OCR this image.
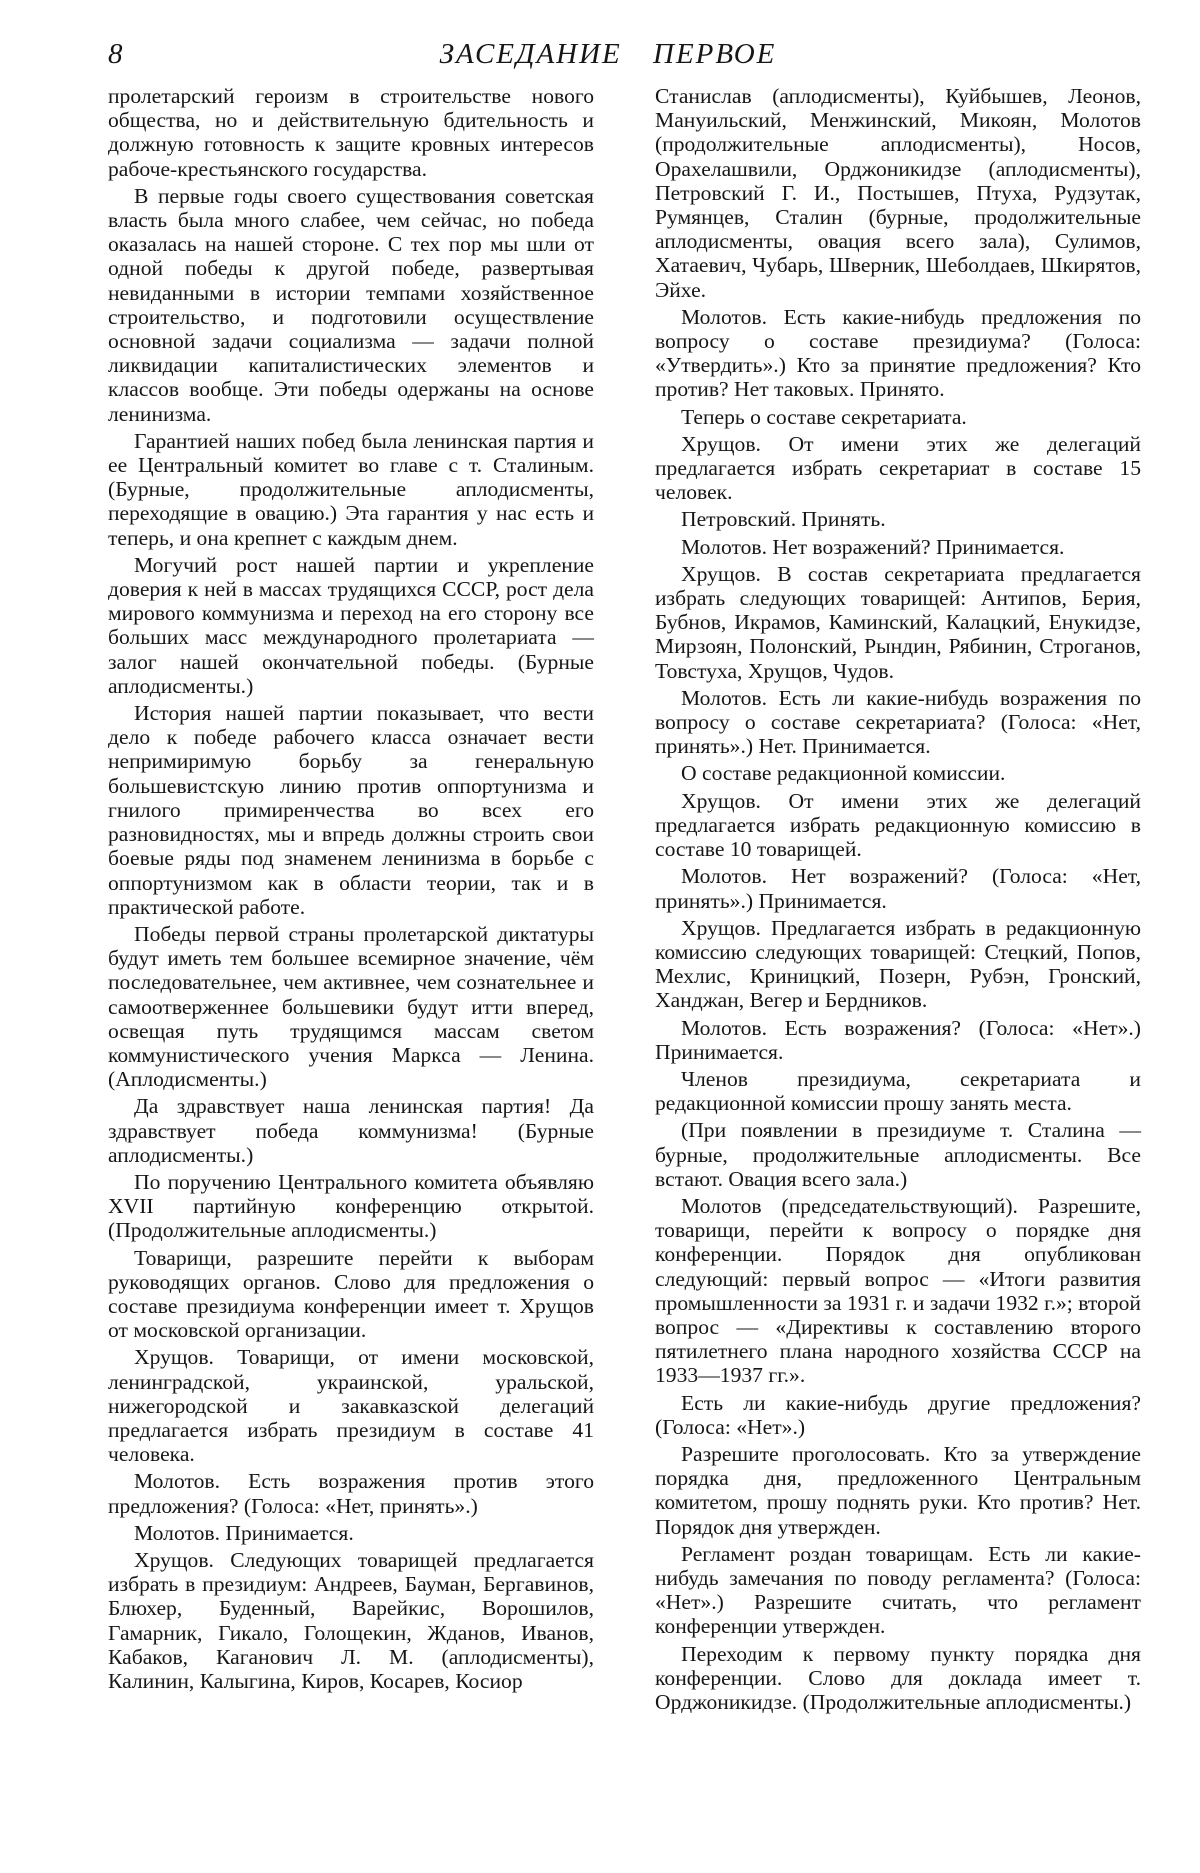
8	ЗАСЕДАНИЕ ПЕРВОЕ

пролетарский героизм в строительстве нового общества, но и действительную бдительность и должную готовность к защите кровных интересов рабоче-крестьянского государства.

В первые годы своего существования советская власть была много слабее, чем сейчас, но победа оказалась на нашей стороне. С тех пор мы шли от одной победы к другой победе, развертывая невиданными в истории темпами хозяйственное строительство, и подготовили осуществление основной задачи социализма — задачи полной ликвидации капиталистических элементов и классов вообще. Эти победы одержаны на основе ленинизма.

Гарантией наших побед была ленинская партия и ее Центральный комитет во главе с т. Сталиным. (Бурные, продолжительные аплодисменты, переходящие в овацию.) Эта гарантия у нас есть и теперь, и она крепнет с каждым днем.

Могучий рост нашей партии и укрепление доверия к ней в массах трудящихся СССР, рост дела мирового коммунизма и переход на его сторону все больших масс международного пролетариата — залог нашей окончательной победы. (Бурные аплодисменты.)

История нашей партии показывает, что вести дело к победе рабочего класса означает вести непримиримую борьбу за генеральную большевистскую линию против оппортунизма и гнилого примиренчества во всех его разновидностях, мы и впредь должны строить свои боевые ряды под знаменем ленинизма в борьбе с оппортунизмом как в области теории, так и в практической работе.

Победы первой страны пролетарской диктатуры будут иметь тем большее всемирное значение, чём последовательнее, чем активнее, чем сознательнее и самоотверженнее большевики будут итти вперед, освещая путь трудящимся массам светом коммунистического учения Маркса — Ленина. (Аплодисменты.)

Да здравствует наша ленинская партия! Да здравствует победа коммунизма! (Бурные аплодисменты.)

По поручению Центрального комитета объявляю XVII партийную конференцию открытой. (Продолжительные аплодисменты.)

Товарищи, разрешите перейти к выборам руководящих органов. Слово для предложения о составе президиума конференции имеет т. Хрущов от московской организации.

Хрущов. Товарищи, от имени московской, ленинградской, украинской, уральской, нижегородской и закавказской делегаций предлагается избрать президиум в составе 41 человека.

Молотов. Есть возражения против этого предложения? (Голоса: «Нет, принять».)

Молотов. Принимается.

Хрущов. Следующих товарищей предлагается избрать в президиум: Андреев, Бауман, Бергавинов, Блюхер, Буденный, Варейкис, Ворошилов, Гамарник, Гикало, Голощекин, Жданов, Иванов, Кабаков, Каганович Л. М. (аплодисменты), Калинин, Калыгина, Киров, Косарев, Косиор

Станислав (аплодисменты), Куйбышев, Леонов, Мануильский, Менжинский, Микоян, Молотов (продолжительные аплодисменты), Носов, Орахелашвили, Орджоникидзе (аплодисменты), Петровский Г. И., Постышев, Птуха, Рудзутак, Румянцев, Сталин (бурные, продолжительные аплодисменты, овация всего зала), Сулимов, Хатаевич, Чубарь, Шверник, Шеболдаев, Шкирятов, Эйхе.

Молотов. Есть какие-нибудь предложения по вопросу о составе президиума? (Голоса: «Утвердить».) Кто за принятие предложения? Кто против? Нет таковых. Принято.

Теперь о составе секретариата.

Хрущов. От имени этих же делегаций предлагается избрать секретариат в составе 15 человек.

Петровский. Принять.

Молотов. Нет возражений? Принимается.

Хрущов. В состав секретариата предлагается избрать следующих товарищей: Антипов, Берия, Бубнов, Икрамов, Каминский, Калацкий, Енукидзе, Мирзоян, Полонский, Рындин, Рябинин, Строганов, Товстуха, Хрущов, Чудов.

Молотов. Есть ли какие-нибудь возражения по вопросу о составе секретариата? (Голоса: «Нет, принять».) Нет. Принимается.

О составе редакционной комиссии.

Хрущов. От имени этих же делегаций предлагается избрать редакционную комиссию в составе 10 товарищей.

Молотов. Нет возражений? (Голоса: «Нет, принять».) Принимается.

Хрущов. Предлагается избрать в редакционную комиссию следующих товарищей: Стецкий, Попов, Мехлис, Криницкий, Позерн, Рубэн, Гронский, Ханджан, Вегер и Бердников.

Молотов. Есть возражения? (Голоса: «Нет».) Принимается.

Членов президиума, секретариата и редакционной комиссии прошу занять места.

(При появлении в президиуме т. Сталина — бурные, продолжительные аплодисменты. Все встают. Овация всего зала.)

Молотов (председательствующий). Разрешите, товарищи, перейти к вопросу о порядке дня конференции. Порядок дня опубликован следующий: первый вопрос — «Итоги развития промышленности за 1931 г. и задачи 1932 г.»; второй вопрос — «Директивы к составлению второго пятилетнего плана народного хозяйства СССР на 1933—1937 гг.».

Есть ли какие-нибудь другие предложения? (Голоса: «Нет».)

Разрешите проголосовать. Кто за утверждение порядка дня, предложенного Центральным комитетом, прошу поднять руки. Кто против? Нет. Порядок дня утвержден.

Регламент роздан товарищам. Есть ли какие-нибудь замечания по поводу регламента? (Голоса: «Нет».) Разрешите считать, что регламент конференции утвержден.

Переходим к первому пункту порядка дня конференции. Слово для доклада имеет т. Орджоникидзе. (Продолжительные аплодисменты.)
